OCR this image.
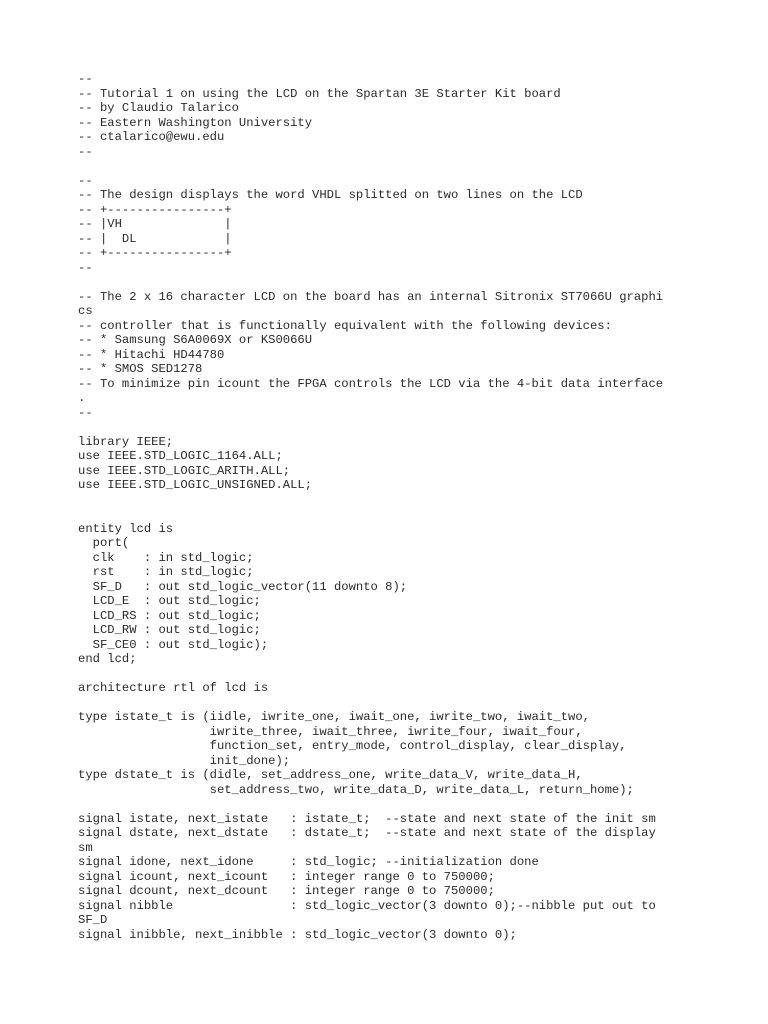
--
-- Tutorial 1 on using the LCD on the Spartan 3E Starter Kit board
-- by Claudio Talarico
-- Eastern Washington University
-- ctalarico@ewu.edu
--
--
-- The design displays the word VHDL splitted on two lines on the LCD
-- +----------------+
-- |VH              |
-- |  DL            |
-- +----------------+
--
-- The 2 x 16 character LCD on the board has an internal Sitronix ST7066U graphi
cs
-- controller that is functionally equivalent with the following devices:
-- * Samsung S6A0069X or KS0066U
-- * Hitachi HD44780
-- * SMOS SED1278
-- To minimize pin icount the FPGA controls the LCD via the 4-bit data interface
.
--
library IEEE;
use IEEE.STD_LOGIC_1164.ALL;
use IEEE.STD_LOGIC_ARITH.ALL;
use IEEE.STD_LOGIC_UNSIGNED.ALL;
entity lcd is
port(
clk    : in std_logic;
rst    : in std_logic;
SF_D   : out std_logic_vector(11 downto 8);
LCD_E  : out std_logic;
LCD_RS : out std_logic;
LCD_RW : out std_logic;
SF_CE0 : out std_logic);
end lcd;
architecture rtl of lcd is
type istate_t is (iidle, iwrite_one, iwait_one, iwrite_two, iwait_two,
iwrite_three, iwait_three, iwrite_four, iwait_four,
function_set, entry_mode, control_display, clear_display,
init_done);
type dstate_t is (didle, set_address_one, write_data_V, write_data_H,
set_address_two, write_data_D, write_data_L, return_home);
signal istate, next_istate   : istate_t;  --state and next state of the init sm
signal dstate, next_dstate   : dstate_t;  --state and next state of the display
sm
signal idone, next_idone     : std_logic; --initialization done
signal icount, next_icount   : integer range 0 to 750000;
signal dcount, next_dcount   : integer range 0 to 750000;
signal nibble                : std_logic_vector(3 downto 0);--nibble put out to
SF_D
signal inibble, next_inibble : std_logic_vector(3 downto 0);
